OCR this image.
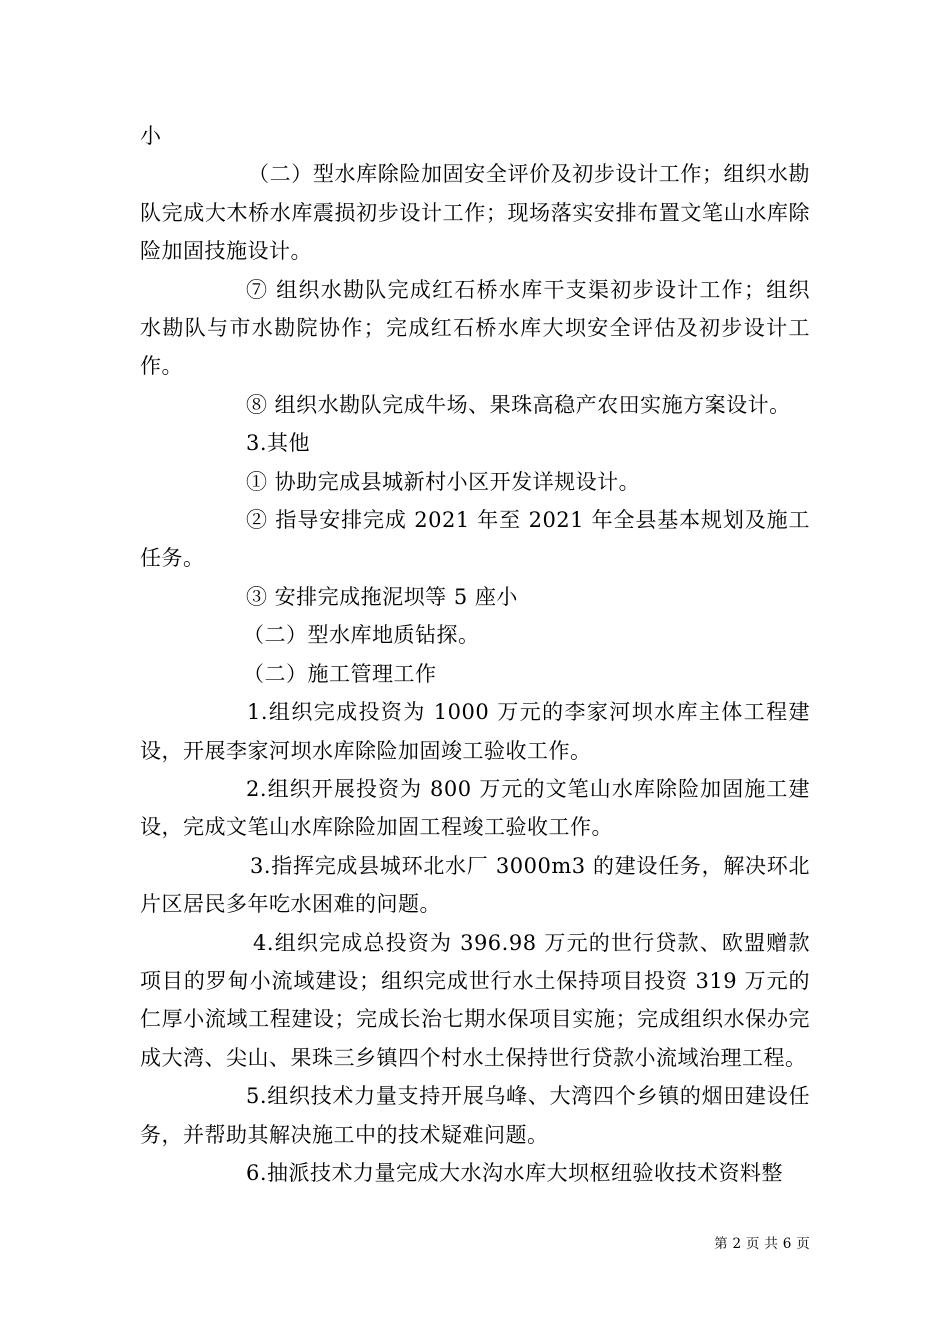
小

（二）型水库除险加固安全评价及初步设计工作；组织水勘队完成大木桥水库震损初步设计工作；现场落实安排布置文笔山水库除险加固技施设计。

⑦ 组织水勘队完成红石桥水库干支渠初步设计工作；组织水勘队与市水勘院协作；完成红石桥水库大坝安全评估及初步设计工作。

⑧ 组织水勘队完成牛场、果珠高稳产农田实施方案设计。

3.其他

① 协助完成县城新村小区开发详规设计。

② 指导安排完成 2021 年至 2021 年全县基本规划及施工任务。

③ 安排完成拖泥坝等 5 座小

（二）型水库地质钻探。

（二）施工管理工作

1.组织完成投资为 1000 万元的李家河坝水库主体工程建设，开展李家河坝水库除险加固竣工验收工作。

2.组织开展投资为 800 万元的文笔山水库除险加固施工建设，完成文笔山水库除险加固工程竣工验收工作。

3.指挥完成县城环北水厂 3000m3 的建设任务，解决环北片区居民多年吃水困难的问题。

4.组织完成总投资为 396.98 万元的世行贷款、欧盟赠款项目的罗甸小流域建设；组织完成世行水土保持项目投资 319 万元的仁厚小流域工程建设；完成长治七期水保项目实施；完成组织水保办完成大湾、尖山、果珠三乡镇四个村水土保持世行贷款小流域治理工程。

5.组织技术力量支持开展乌峰、大湾四个乡镇的烟田建设任务，并帮助其解决施工中的技术疑难问题。

6.抽派技术力量完成大水沟水库大坝枢纽验收技术资料整

第 2 页 共 6 页
